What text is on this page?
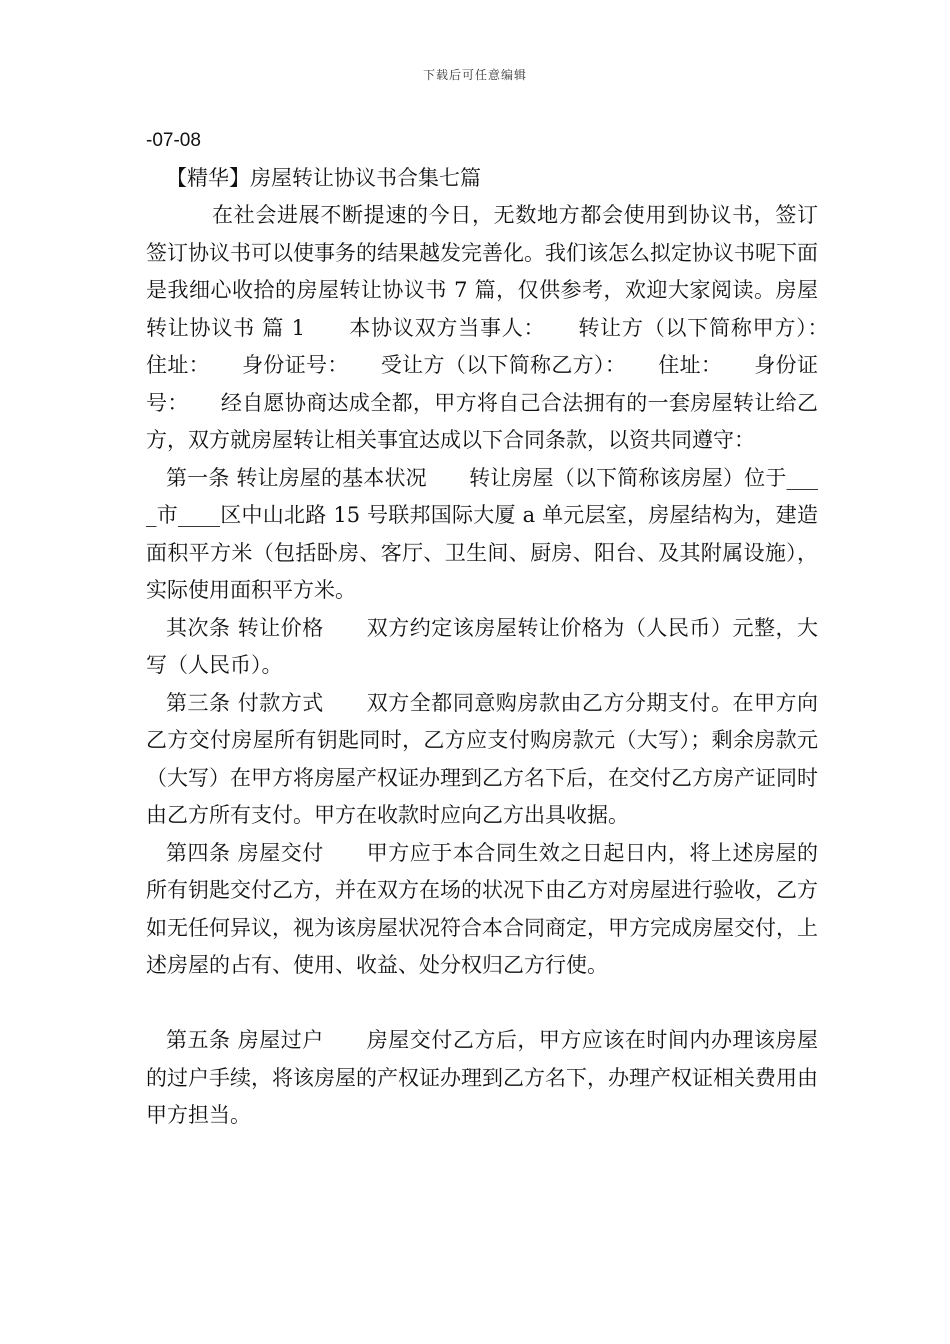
下载后可任意编辑

-07-08

【精华】房屋转让协议书合集七篇

在社会进展不断提速的今日，无数地方都会使用到协议书，签订签订协议书可以使事务的结果越发完善化。我们该怎么拟定协议书呢下面是我细心收拾的房屋转让协议书 7 篇，仅供参考，欢迎大家阅读。房屋转让协议书 篇 1　　本协议双方当事人：　　转让方（以下简称甲方）：　　住址：　　身份证号：　　受让方（以下简称乙方）：　　住址：　　身份证号：　　经自愿协商达成全都，甲方将自己合法拥有的一套房屋转让给乙方，双方就房屋转让相关事宜达成以下合同条款，以资共同遵守：

第一条 转让房屋的基本状况　　转让房屋（以下简称该房屋）位于____市____区中山北路 15 号联邦国际大厦 a 单元层室，房屋结构为，建造面积平方米（包括卧房、客厅、卫生间、厨房、阳台、及其附属设施），实际使用面积平方米。

其次条 转让价格　　双方约定该房屋转让价格为（人民币）元整，大写（人民币）。

第三条 付款方式　　双方全都同意购房款由乙方分期支付。在甲方向乙方交付房屋所有钥匙同时，乙方应支付购房款元（大写）；剩余房款元（大写）在甲方将房屋产权证办理到乙方名下后，在交付乙方房产证同时由乙方所有支付。甲方在收款时应向乙方出具收据。

第四条 房屋交付　　甲方应于本合同生效之日起日内，将上述房屋的所有钥匙交付乙方，并在双方在场的状况下由乙方对房屋进行验收，乙方如无任何异议，视为该房屋状况符合本合同商定，甲方完成房屋交付，上述房屋的占有、使用、收益、处分权归乙方行使。

第五条 房屋过户　　房屋交付乙方后，甲方应该在时间内办理该房屋的过户手续，将该房屋的产权证办理到乙方名下，办理产权证相关费用由甲方担当。
